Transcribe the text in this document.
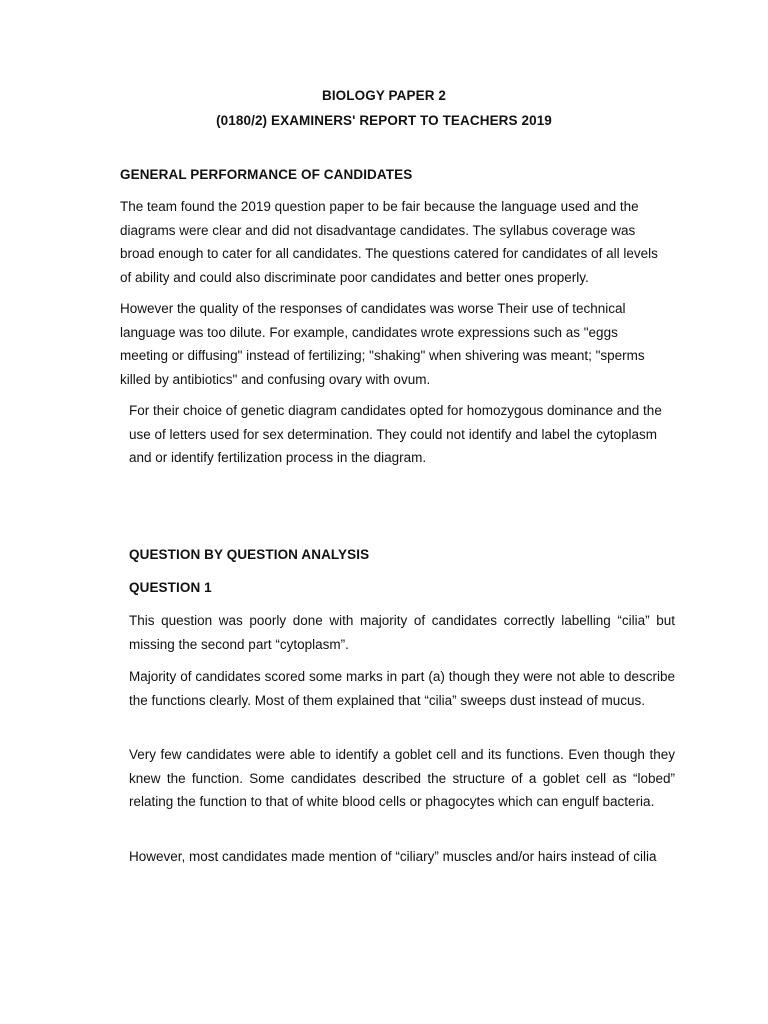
BIOLOGY PAPER 2
(0180/2) EXAMINERS' REPORT TO TEACHERS 2019
GENERAL PERFORMANCE OF CANDIDATES

The team found the 2019 question paper to be fair because the language used and the diagrams were clear and did not disadvantage candidates. The syllabus coverage was broad enough to cater for all candidates. The questions catered for candidates of all levels of ability and could also discriminate poor candidates and better ones properly.

However the quality of the responses of candidates was worse Their use of technical language was too dilute. For example, candidates wrote expressions such as "eggs meeting or diffusing" instead of fertilizing; "shaking" when shivering was meant; "sperms killed by antibiotics" and confusing ovary with ovum.

For their choice of genetic diagram candidates opted for homozygous dominance and the use of letters used for sex determination. They could not identify and label the cytoplasm and or identify fertilization process in the diagram.

QUESTION BY QUESTION ANALYSIS
QUESTION 1

This question was poorly done with majority of candidates correctly labelling “cilia” but missing the second part “cytoplasm”.

Majority of candidates scored some marks in part (a) though they were not able to describe the functions clearly. Most of them explained that “cilia” sweeps dust instead of mucus.

Very few candidates were able to identify a goblet cell and its functions. Even though they knew the function. Some candidates described the structure of a goblet cell as “lobed” relating the function to that of white blood cells or phagocytes which can engulf bacteria.

However, most candidates made mention of “ciliary” muscles and/or hairs instead of cilia
